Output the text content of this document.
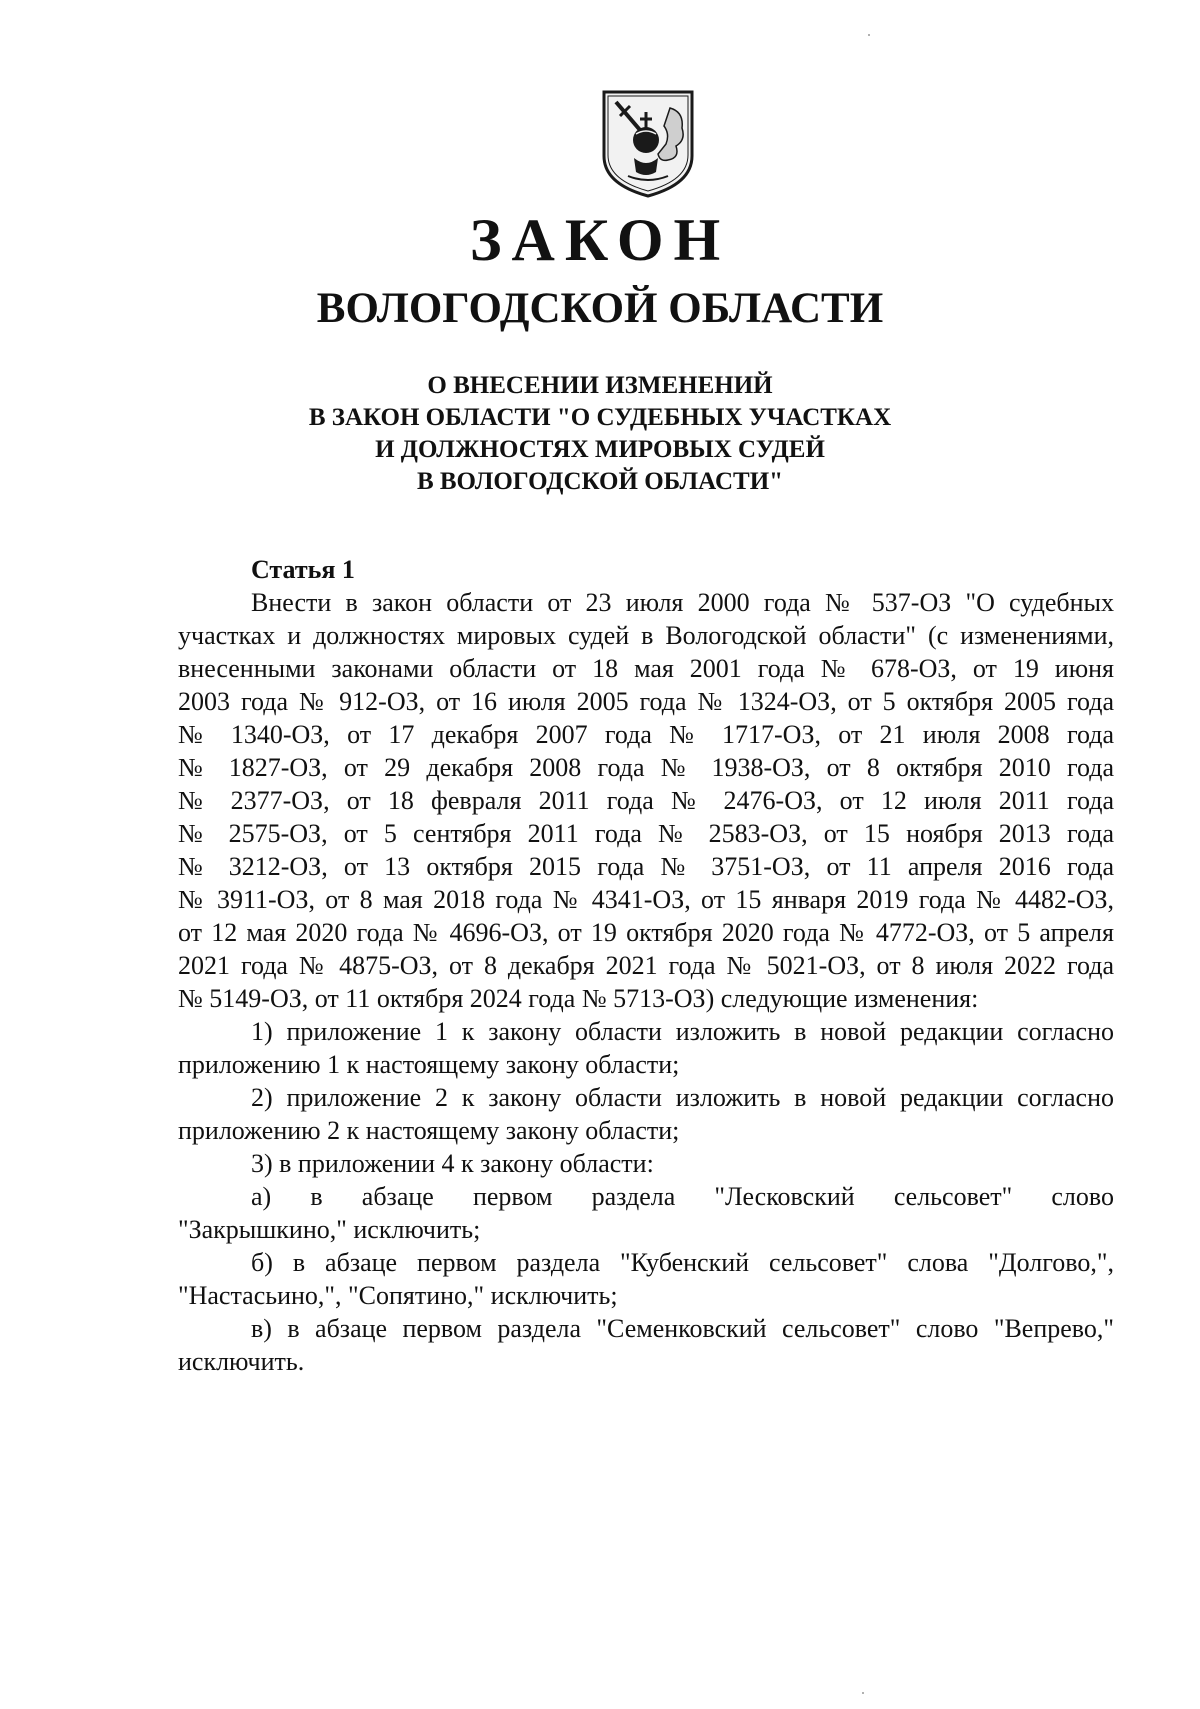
ЗАКОН
ВОЛОГОДСКОЙ ОБЛАСТИ
О ВНЕСЕНИИ ИЗМЕНЕНИЙ
В ЗАКОН ОБЛАСТИ "О СУДЕБНЫХ УЧАСТКАХ
И ДОЛЖНОСТЯХ МИРОВЫХ СУДЕЙ
В ВОЛОГОДСКОЙ ОБЛАСТИ"
Статья 1
Внести в закон области от 23 июля 2000 года № 537-ОЗ "О судебных
участках и должностях мировых судей в Вологодской области" (с изменениями,
внесенными законами области от 18 мая 2001 года № 678-ОЗ, от 19 июня
2003 года № 912-ОЗ, от 16 июля 2005 года № 1324-ОЗ, от 5 октября 2005 года
№ 1340-ОЗ, от 17 декабря 2007 года № 1717-ОЗ, от 21 июля 2008 года
№ 1827-ОЗ, от 29 декабря 2008 года № 1938-ОЗ, от 8 октября 2010 года
№ 2377-ОЗ, от 18 февраля 2011 года № 2476-ОЗ, от 12 июля 2011 года
№ 2575-ОЗ, от 5 сентября 2011 года № 2583-ОЗ, от 15 ноября 2013 года
№ 3212-ОЗ, от 13 октября 2015 года № 3751-ОЗ, от 11 апреля 2016 года
№ 3911-ОЗ, от 8 мая 2018 года № 4341-ОЗ, от 15 января 2019 года № 4482-ОЗ,
от 12 мая 2020 года № 4696-ОЗ, от 19 октября 2020 года № 4772-ОЗ, от 5 апреля
2021 года № 4875-ОЗ, от 8 декабря 2021 года № 5021-ОЗ, от 8 июля 2022 года
№ 5149-ОЗ, от 11 октября 2024 года № 5713-ОЗ) следующие изменения:
1) приложение 1 к закону области изложить в новой редакции согласно
приложению 1 к настоящему закону области;
2) приложение 2 к закону области изложить в новой редакции согласно
приложению 2 к настоящему закону области;
3) в приложении 4 к закону области:
а) в абзаце первом раздела "Лесковский сельсовет" слово
"Закрышкино," исключить;
б) в абзаце первом раздела "Кубенский сельсовет" слова "Долгово,",
"Настасьино,", "Сопятино," исключить;
в) в абзаце первом раздела "Семенковский сельсовет" слово "Вепрево,"
исключить.
